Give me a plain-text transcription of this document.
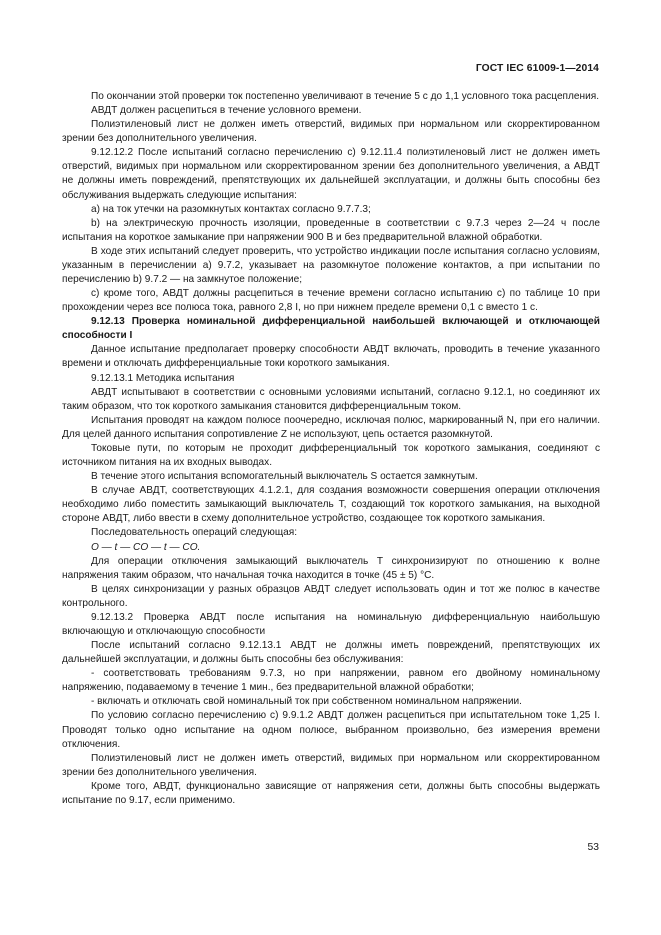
ГОСТ IEC 61009-1—2014

По окончании этой проверки ток постепенно увеличивают в течение 5 с до 1,1 условного тока расцепления.

АВДТ должен расцепиться в течение условного времени.

Полиэтиленовый лист не должен иметь отверстий, видимых при нормальном или скорректированном зрении без дополнительного увеличения.

9.12.12.2 После испытаний согласно перечислению c) 9.12.11.4 полиэтиленовый лист не должен иметь отверстий, видимых при нормальном или скорректированном зрении без дополнительного увеличения, а АВДТ не должны иметь повреждений, препятствующих их дальнейшей эксплуатации, и должны быть способны без обслуживания выдержать следующие испытания:

а) на ток утечки на разомкнутых контактах согласно 9.7.7.3;

b) на электрическую прочность изоляции, проведенные в соответствии с 9.7.3 через 2—24 ч после испытания на короткое замыкание при напряжении 900 В и без предварительной влажной обработки.

В ходе этих испытаний следует проверить, что устройство индикации после испытания согласно условиям, указанным в перечислении a) 9.7.2, указывает на разомкнутое положение контактов, а при испытании по перечислению b) 9.7.2 — на замкнутое положение;

с) кроме того, АВДТ должны расцепиться в течение времени согласно испытанию с) по таблице 10 при прохождении через все полюса тока, равного 2,8 I, но при нижнем пределе времени 0,1 с вместо 1 с.

9.12.13 Проверка номинальной дифференциальной наибольшей включающей и отключающей способности I

Данное испытание предполагает проверку способности АВДТ включать, проводить в течение указанного времени и отключать дифференциальные токи короткого замыкания.

9.12.13.1 Методика испытания

АВДТ испытывают в соответствии с основными условиями испытаний, согласно 9.12.1, но соединяют их таким образом, что ток короткого замыкания становится дифференциальным током.

Испытания проводят на каждом полюсе поочередно, исключая полюс, маркированный N, при его наличии. Для целей данного испытания сопротивление Z не используют, цепь остается разомкнутой.

Токовые пути, по которым не проходит дифференциальный ток короткого замыкания, соединяют с источником питания на их входных выводах.

В течение этого испытания вспомогательный выключатель S остается замкнутым.

В случае АВДТ, соответствующих 4.1.2.1, для создания возможности совершения операции отключения необходимо либо поместить замыкающий выключатель T, создающий ток короткого замыкания, на выходной стороне АВДТ, либо ввести в схему дополнительное устройство, создающее ток короткого замыкания.

Последовательность операций следующая:

O — t — CO — t — CO.

Для операции отключения замыкающий выключатель T синхронизируют по отношению к волне напряжения таким образом, что начальная точка находится в точке (45 ± 5) °С.

В целях синхронизации у разных образцов АВДТ следует использовать один и тот же полюс в качестве контрольного.

9.12.13.2 Проверка АВДТ после испытания на номинальную дифференциальную наибольшую включающую и отключающую способности

После испытаний согласно 9.12.13.1 АВДТ не должны иметь повреждений, препятствующих их дальнейшей эксплуатации, и должны быть способны без обслуживания:

- соответствовать требованиям 9.7.3, но при напряжении, равном его двойному номинальному напряжению, подаваемому в течение 1 мин., без предварительной влажной обработки;

- включать и отключать свой номинальный ток при собственном номинальном напряжении.

По условию согласно перечислению с) 9.9.1.2 АВДТ должен расцепиться при испытательном токе 1,25 I. Проводят только одно испытание на одном полюсе, выбранном произвольно, без измерения времени отключения.

Полиэтиленовый лист не должен иметь отверстий, видимых при нормальном или скорректированном зрении без дополнительного увеличения.

Кроме того, АВДТ, функционально зависящие от напряжения сети, должны быть способны выдержать испытание по 9.17, если применимо.

53
